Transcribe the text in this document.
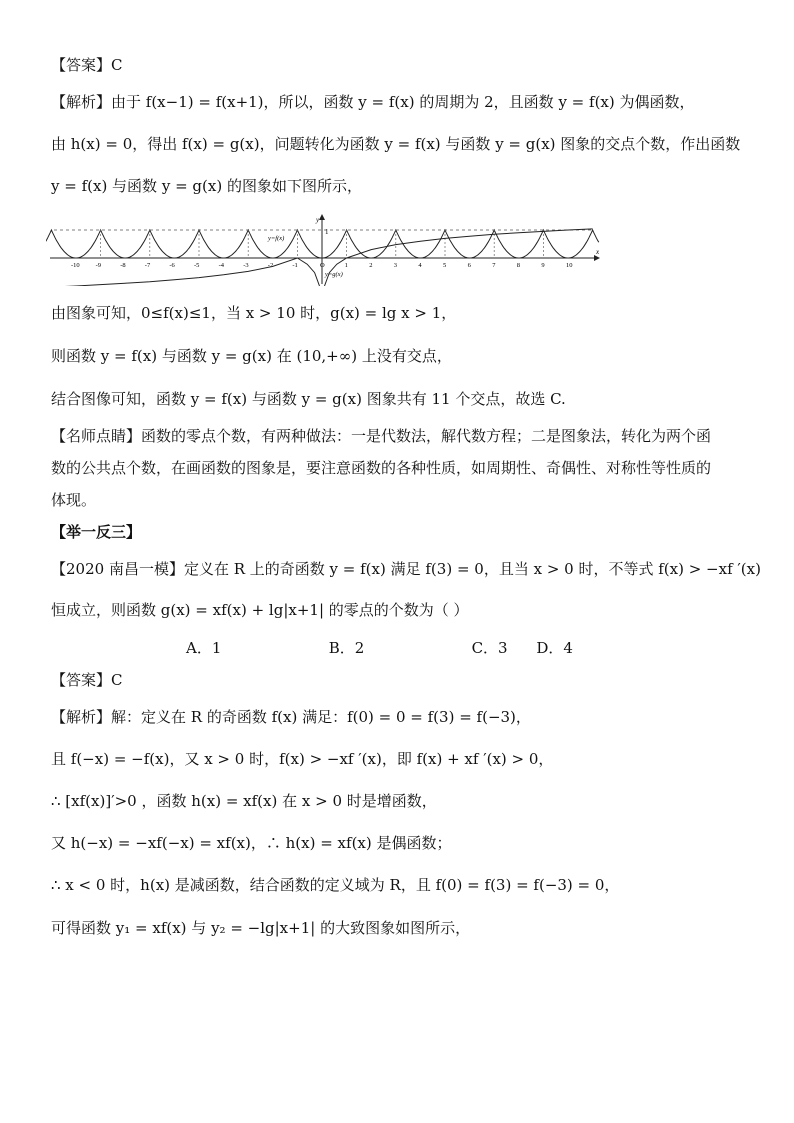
【答案】C
【解析】由于 f(x−1) = f(x+1)，所以，函数 y = f(x) 的周期为 2，且函数 y = f(x) 为偶函数，
由 h(x) = 0，得出 f(x) = g(x)，问题转化为函数 y = f(x) 与函数 y = g(x) 图象的交点个数，作出函数
y = f(x) 与函数 y = g(x) 的图象如下图所示，
-10 -9	-8	-7	-6	-5	-4	-3	-2	-1	O	1	2	3	4	5	6	7	8	9	10
y
x
1
y=f(x)
y=g(x)
由图象可知，0≤f(x)≤1，当 x > 10 时，g(x) = lg x > 1，
则函数 y = f(x) 与函数 y = g(x) 在 (10,+∞) 上没有交点，
结合图像可知，函数 y = f(x) 与函数 y = g(x) 图象共有 11 个交点，故选 C.
【名师点睛】函数的零点个数，有两种做法：一是代数法，解代数方程；二是图象法，转化为两个函
数的公共点个数，在画函数的图象是，要注意函数的各种性质，如周期性、奇偶性、对称性等性质的
体现。
【举一反三】
【2020 南昌一模】定义在 R 上的奇函数 y = f(x) 满足 f(3) = 0，且当 x > 0 时，不等式 f(x) > −xf ′(x)
恒成立，则函数 g(x) = xf(x) + lg|x+1| 的零点的个数为（ ）
A．1	B．2	C．3 D．4
【答案】C
【解析】解：定义在 R 的奇函数 f(x) 满足：f(0) = 0 = f(3) = f(−3)，
且 f(−x) = −f(x)，又 x > 0 时，f(x) > −xf ′(x)，即 f(x) + xf ′(x) > 0，
∴ [xf(x)]′>0 ，函数 h(x) = xf(x) 在 x > 0 时是增函数，
又 h(−x) = −xf(−x) = xf(x)，∴ h(x) = xf(x) 是偶函数；
∴ x < 0 时，h(x) 是减函数，结合函数的定义域为 R，且 f(0) = f(3) = f(−3) = 0，
可得函数 y₁ = xf(x) 与 y₂ = −lg|x+1| 的大致图象如图所示，
